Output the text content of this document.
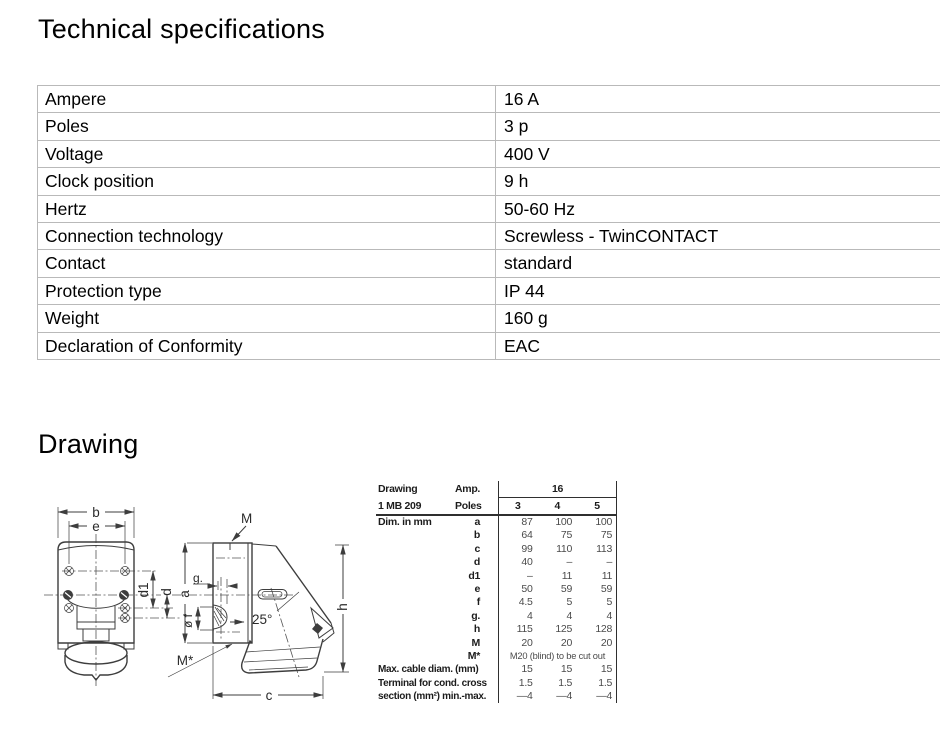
Technical specifications
Ampere	16 A
Poles	3 p
Voltage	400 V
Clock position	9 h
Hertz	50-60 Hz
Connection technology	Screwless - TwinCONTACT
Contact	standard
Protection type	IP 44
Weight	160 g
Declaration of Conformity	EAC
Drawing
b
e
d1 d a
M
g.
ø f	25°
M*
h
c
Drawing	Amp.	16
1 MB 209	Poles	3	4	5
Dim. in mm	a	87	100	100
b	64	75	75
c	99	110	113
d	40	–	–
d1	–	11	11
e	50	59	59
f	4.5	5	5
g.	4	4	4
h	115	125	128
M	20	20	20
M*	M20 (blind) to be cut out
Max. cable diam. (mm)	15	15	15
Terminal for cond. cross	1.5	1.5	1.5
section (mm²) min.-max.	—4	—4	—4
